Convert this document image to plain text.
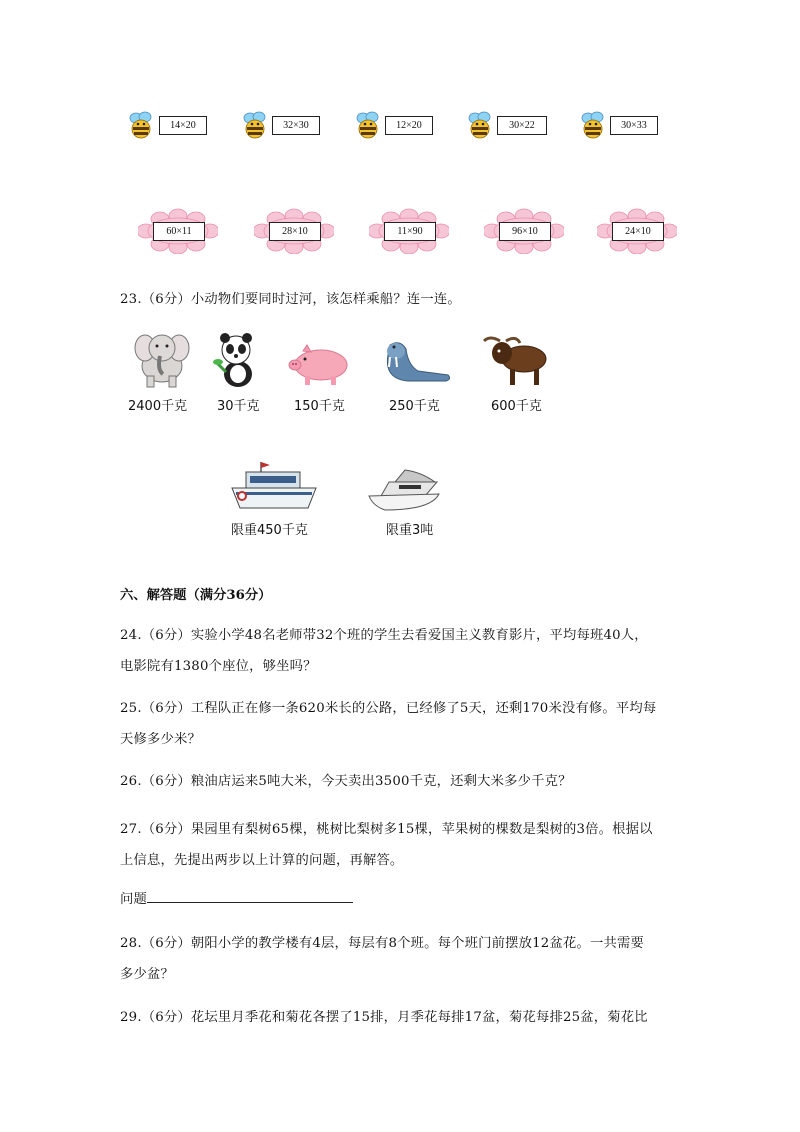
14×20	32×30	12×20	30×22	30×33
60×11	28×10	11×90	96×10	24×10
23.（6分）小动物们要同时过河，该怎样乘船？连一连。
2400千克 30千克	150千克	250千克	600千克
限重450千克	限重3吨
六、解答题（满分36分）
24.（6分）实验小学48名老师带32个班的学生去看爱国主义教育影片，平均每班40人，
电影院有1380个座位，够坐吗？
25.（6分）工程队正在修一条620米长的公路，已经修了5天，还剩170米没有修。平均每
天修多少米？
26.（6分）粮油店运来5吨大米，今天卖出3500千克，还剩大米多少千克？
27.（6分）果园里有梨树65棵，桃树比梨树多15棵，苹果树的棵数是梨树的3倍。根据以
上信息，先提出两步以上计算的问题，再解答。
问题
28.（6分）朝阳小学的教学楼有4层，每层有8个班。每个班门前摆放12盆花。一共需要
多少盆？
29.（6分）花坛里月季花和菊花各摆了15排，月季花每排17盆，菊花每排25盆，菊花比
